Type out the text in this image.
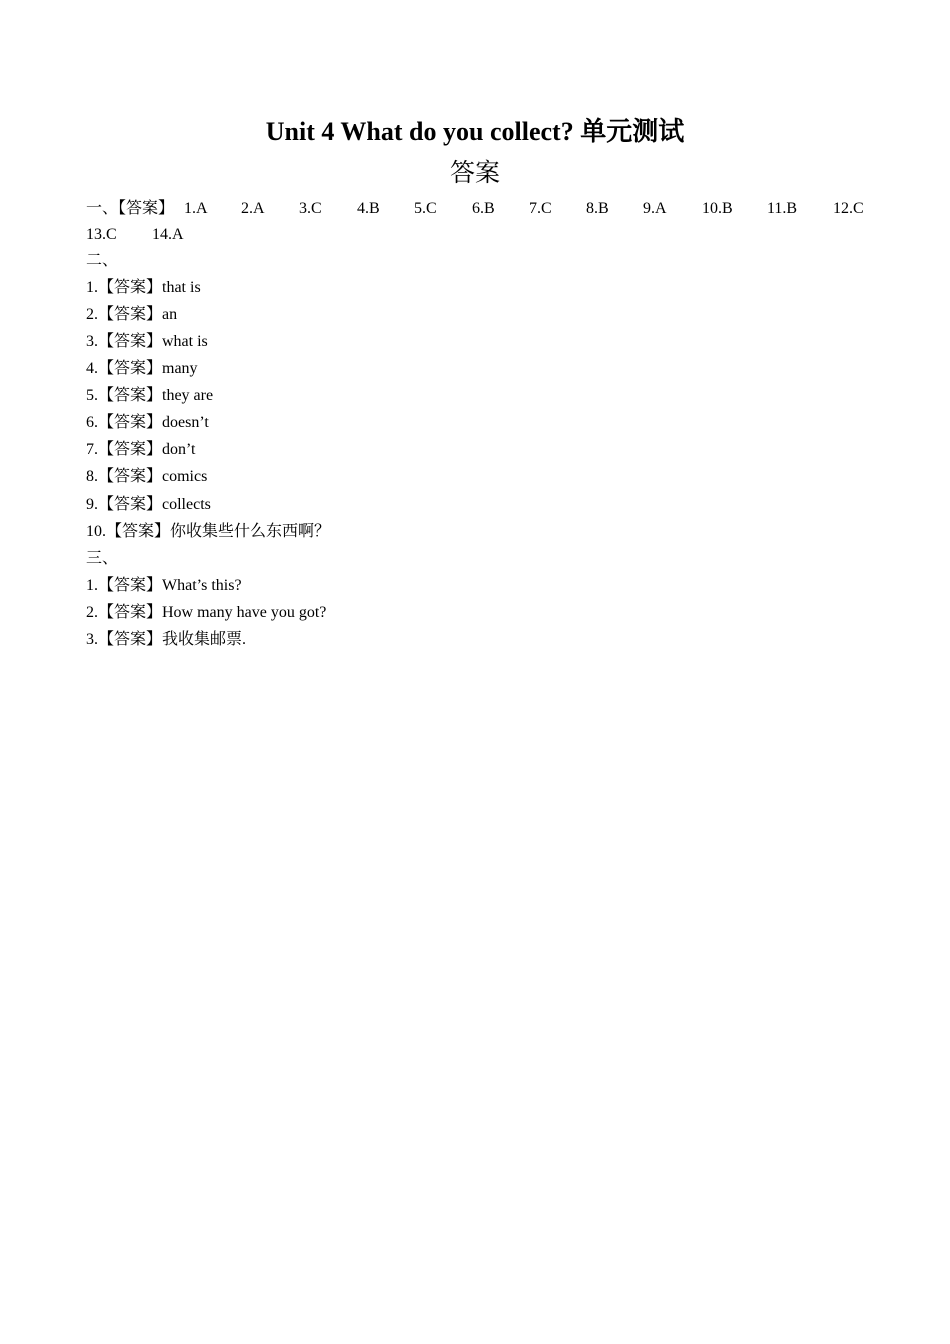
Unit 4 What do you collect? 单元测试
答案
一、【答案】 1.A 2.A 3.C 4.B 5.C 6.B 7.C 8.B 9.A 10.B 11.B 12.C
13.C 14.A
二、
1.【答案】that is
2.【答案】an
3.【答案】what is
4.【答案】many
5.【答案】they are
6.【答案】doesn’t
7.【答案】don’t
8.【答案】comics
9.【答案】collects
10.【答案】你收集些什么东西啊？
三、
1.【答案】What’s this?
2.【答案】How many have you got?
3.【答案】我收集邮票.
